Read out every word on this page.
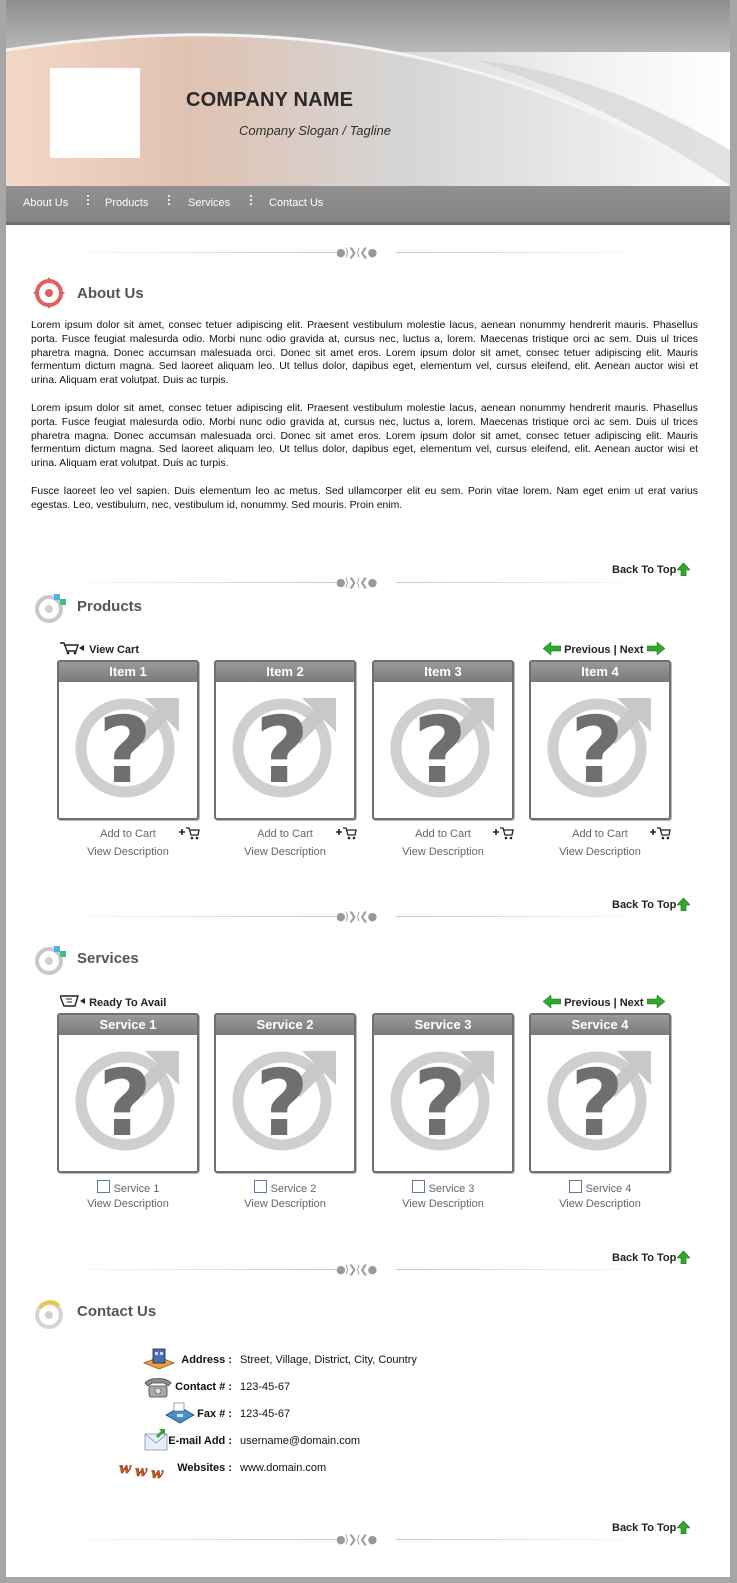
COMPANY NAME
Company Slogan / Tagline
About Us	Products	Services	Contact Us
●⟩❯⟨❮●
About Us

Lorem ipsum dolor sit amet, consec tetuer adipiscing elit. Praesent vestibulum molestie lacus, aenean nonummy hendrerit mauris. Phasellus porta. Fusce feugiat malesurda odio. Morbi nunc odio gravida at, cursus nec, luctus a, lorem. Maecenas tristique orci ac sem. Duis ul trices pharetra magna. Donec accumsan malesuada orci. Donec sit amet eros. Lorem ipsum dolor sit amet, consec tetuer adipiscing elit. Mauris fermentum dictum magna. Sed laoreet aliquam leo. Ut tellus dolor, dapibus eget, elementum vel, cursus eleifend, elit. Aenean auctor wisi et urina. Aliquam erat volutpat. Duis ac turpis.

Lorem ipsum dolor sit amet, consec tetuer adipiscing elit. Praesent vestibulum molestie lacus, aenean nonummy hendrerit mauris. Phasellus porta. Fusce feugiat malesurda odio. Morbi nunc odio gravida at, cursus nec, luctus a, lorem. Maecenas tristique orci ac sem. Duis ul trices pharetra magna. Donec accumsan malesuada orci. Donec sit amet eros. Lorem ipsum dolor sit amet, consec tetuer adipiscing elit. Mauris fermentum dictum magna. Sed laoreet aliquam leo. Ut tellus dolor, dapibus eget, elementum vel, cursus eleifend, elit. Aenean auctor wisi et urina. Aliquam erat volutpat. Duis ac turpis.

Fusce laoreet leo vel sapien. Duis elementum leo ac metus. Sed ullamcorper elit eu sem. Porin vitae lorem. Nam eget enim ut erat varius egestas. Leo, vestibulum, nec, vestibulum id, nonummy. Sed mouris. Proin enim.

Back To Top
●⟩❯⟨❮●
Products
View Cart	Previous | Next
Item 1
?
Item 2
?
Item 3
?
Item 4
?
Add to Cart	Add to Cart	Add to Cart	Add to Cart
View Description	View Description	View Description	View Description
Back To Top
●⟩❯⟨❮●
Services
Ready To Avail	Previous | Next
Service 1
?
Service 2
?
Service 3
?
Service 4
?
Service 1	Service 2	Service 3	Service 4
View Description	View Description	View Description	View Description
Back To Top
●⟩❯⟨❮●
Contact Us
w w w
Address : Street, Village, District, City, Country
Contact # : 123-45-67
Fax # : 123-45-67
E-mail Add : username@domain.com
Websites : www.domain.com
Back To Top
●⟩❯⟨❮●
